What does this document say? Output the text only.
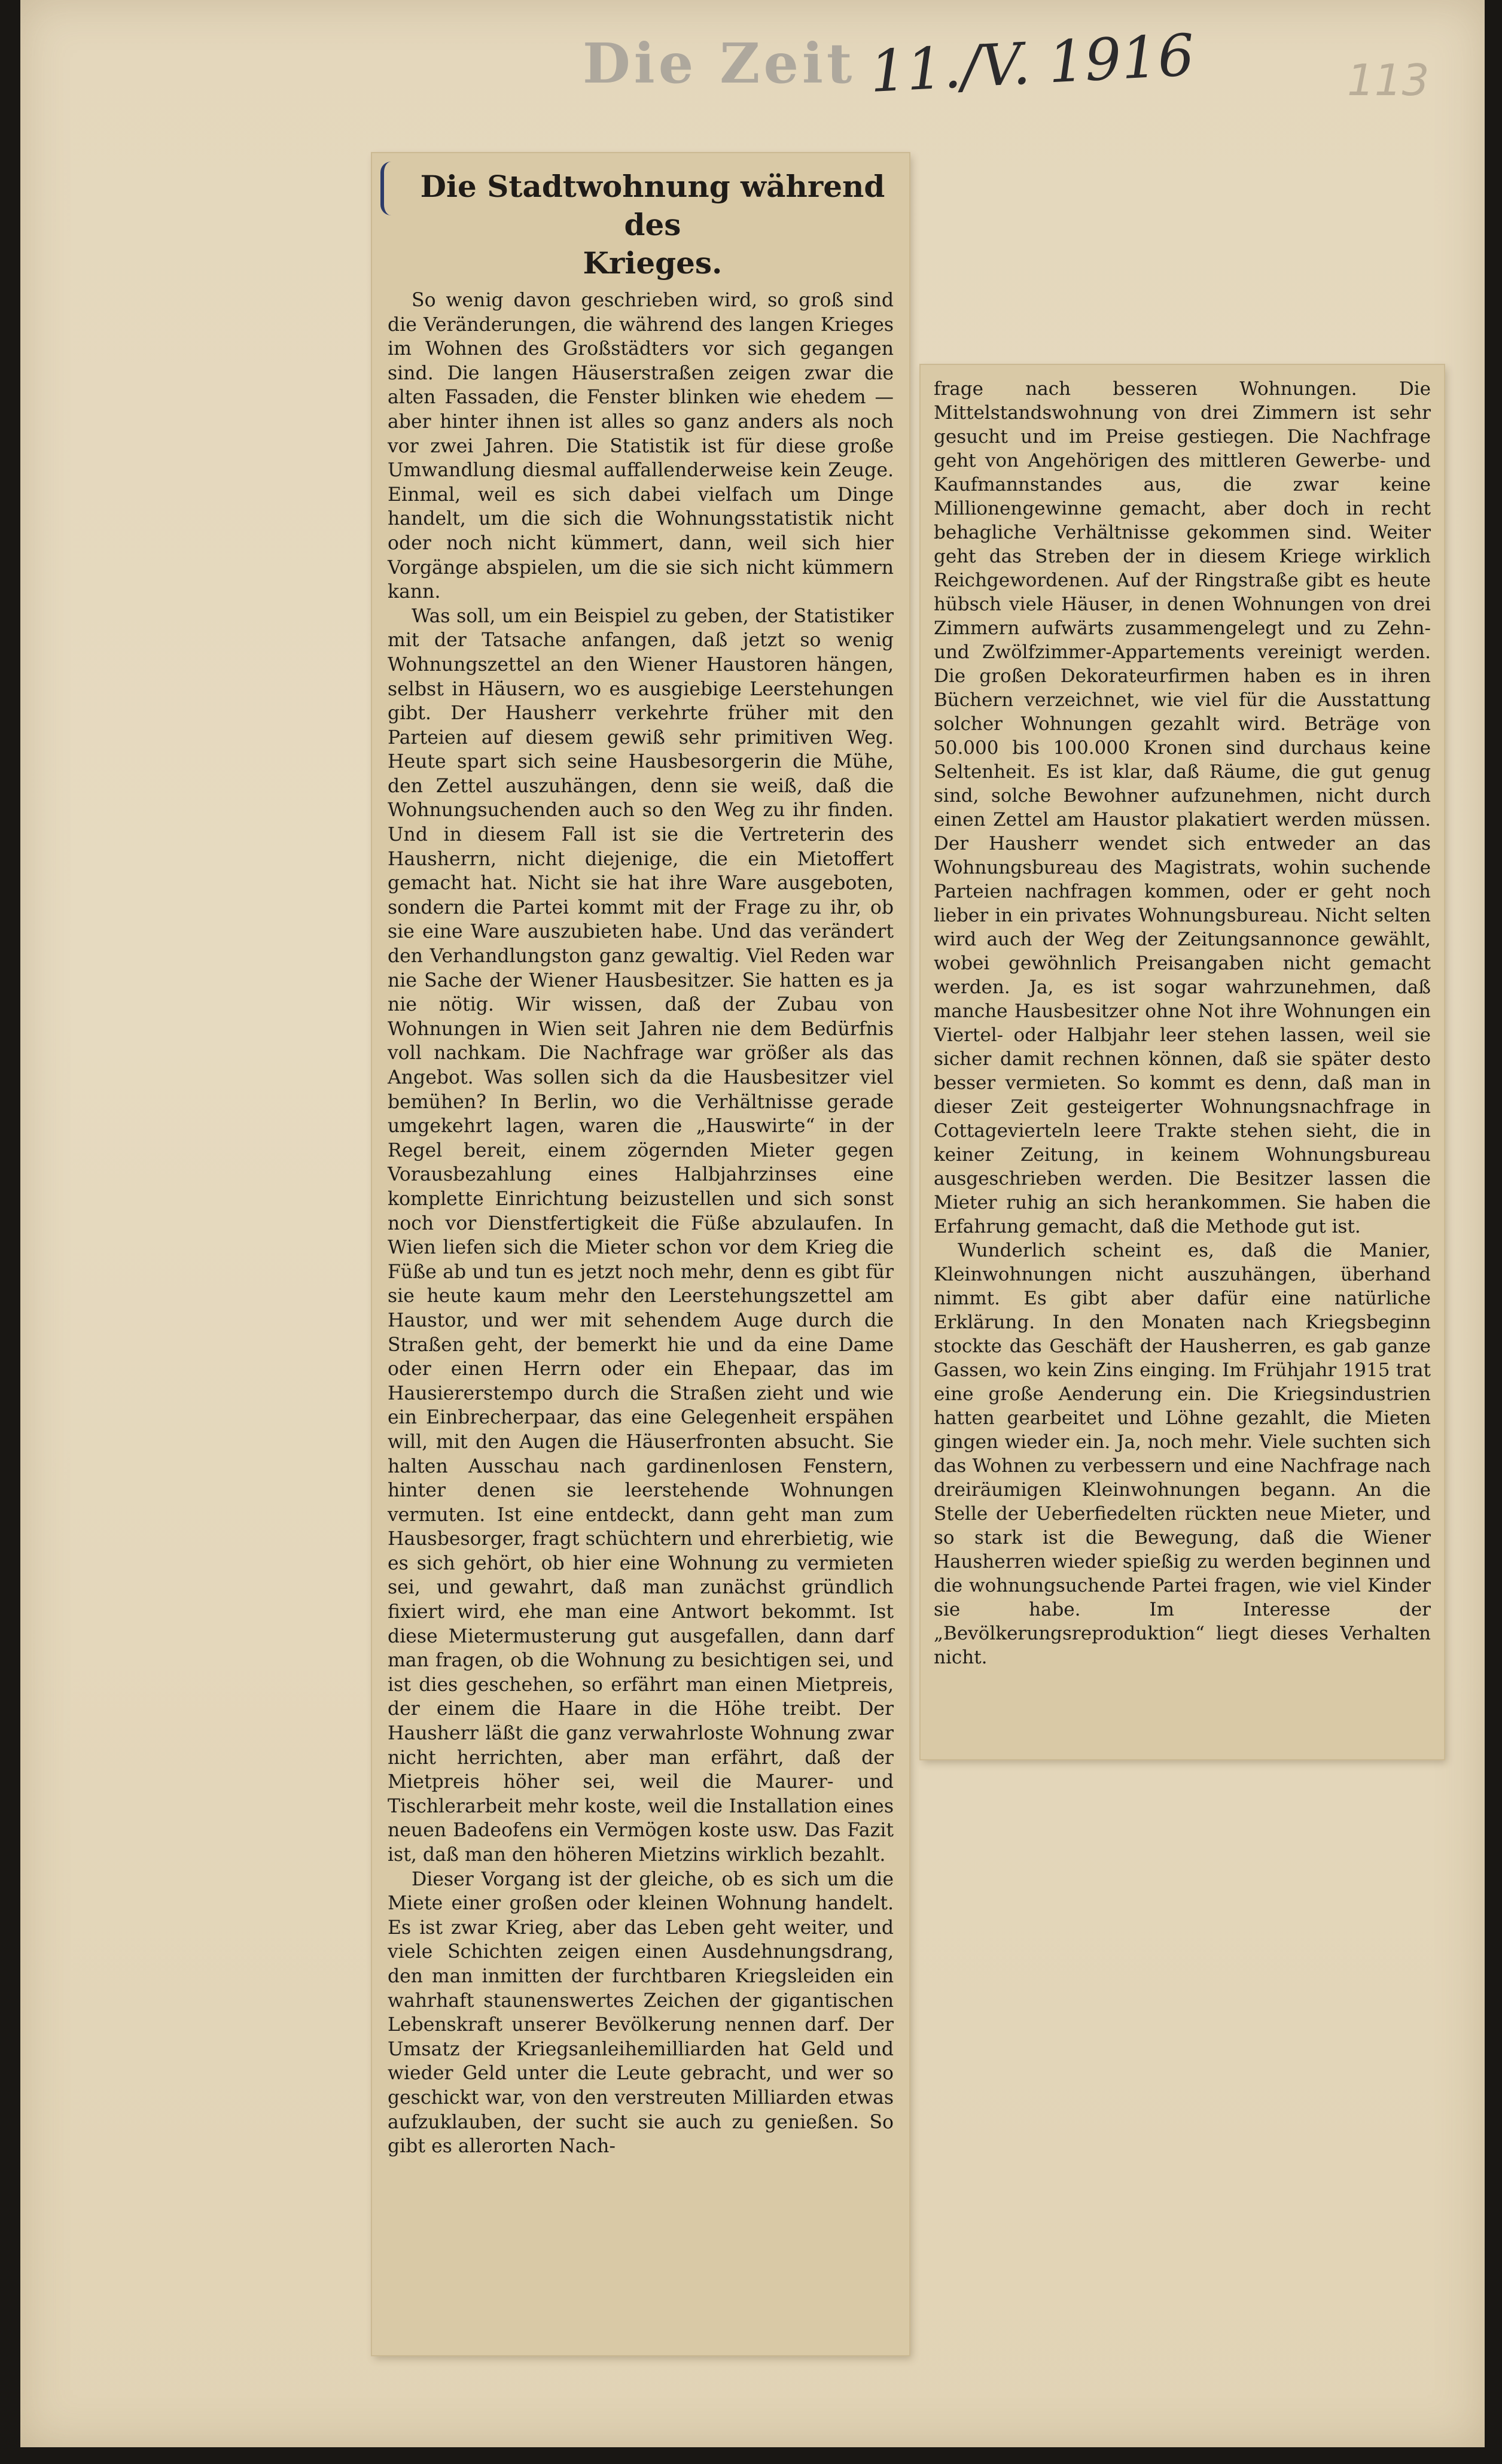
Die Zeit 11./V. 1916	113
Die Stadtwohnung während des
Krieges.

So wenig davon geschrieben wird, so groß sind die Veränderungen, die während des langen Krieges im Wohnen des Großstädters vor sich gegangen sind. Die langen Häuserstraßen zeigen zwar die alten Fassaden, die Fenster blinken wie ehedem — aber hinter ihnen ist alles so ganz anders als noch vor zwei Jahren. Die Statistik ist für diese große Umwandlung diesmal auffallenderweise kein Zeuge. Einmal, weil es sich dabei vielfach um Dinge handelt, um die sich die Wohnungsstatistik nicht oder noch nicht kümmert, dann, weil sich hier Vorgänge abspielen, um die sie sich nicht kümmern kann.

Was soll, um ein Beispiel zu geben, der Statistiker mit der Tatsache anfangen, daß jetzt so wenig Wohnungszettel an den Wiener Haustoren hängen, selbst in Häusern, wo es ausgiebige Leerstehungen gibt. Der Hausherr verkehrte früher mit den Parteien auf diesem gewiß sehr primitiven Weg. Heute spart sich seine Hausbesorgerin die Mühe, den Zettel auszuhängen, denn sie weiß, daß die Wohnungsuchenden auch so den Weg zu ihr finden. Und in diesem Fall ist sie die Vertreterin des Hausherrn, nicht diejenige, die ein Mietoffert gemacht hat. Nicht sie hat ihre Ware ausgeboten, sondern die Partei kommt mit der Frage zu ihr, ob sie eine Ware auszubieten habe. Und das verändert den Verhandlungston ganz gewaltig. Viel Reden war nie Sache der Wiener Hausbesitzer. Sie hatten es ja nie nötig. Wir wissen, daß der Zubau von Wohnungen in Wien seit Jahren nie dem Bedürfnis voll nachkam. Die Nachfrage war größer als das Angebot. Was sollen sich da die Hausbesitzer viel bemühen? In Berlin, wo die Verhältnisse gerade umgekehrt lagen, waren die „Hauswirte“ in der Regel bereit, einem zögernden Mieter gegen Vorausbezahlung eines Halbjahrzinses eine komplette Einrichtung beizustellen und sich sonst noch vor Dienstfertigkeit die Füße abzulaufen. In Wien liefen sich die Mieter schon vor dem Krieg die Füße ab und tun es jetzt noch mehr, denn es gibt für sie heute kaum mehr den Leerstehungszettel am Haustor, und wer mit sehendem Auge durch die Straßen geht, der bemerkt hie und da eine Dame oder einen Herrn oder ein Ehepaar, das im Hausiererstempo durch die Straßen zieht und wie ein Einbrecherpaar, das eine Gelegenheit erspähen will, mit den Augen die Häuserfronten absucht. Sie halten Ausschau nach gardinenlosen Fenstern, hinter denen sie leerstehende Wohnungen vermuten. Ist eine entdeckt, dann geht man zum Hausbesorger, fragt schüchtern und ehrerbietig, wie es sich gehört, ob hier eine Wohnung zu vermieten sei, und gewahrt, daß man zunächst gründlich fixiert wird, ehe man eine Antwort bekommt. Ist diese Mietermusterung gut ausgefallen, dann darf man fragen, ob die Wohnung zu besichtigen sei, und ist dies geschehen, so erfährt man einen Mietpreis, der einem die Haare in die Höhe treibt. Der Hausherr läßt die ganz verwahrloste Wohnung zwar nicht herrichten, aber man erfährt, daß der Mietpreis höher sei, weil die Maurer- und Tischlerarbeit mehr koste, weil die Installation eines neuen Badeofens ein Vermögen koste usw. Das Fazit ist, daß man den höheren Mietzins wirklich bezahlt.

Dieser Vorgang ist der gleiche, ob es sich um die Miete einer großen oder kleinen Wohnung handelt. Es ist zwar Krieg, aber das Leben geht weiter, und viele Schichten zeigen einen Ausdehnungsdrang, den man inmitten der furchtbaren Kriegsleiden ein wahrhaft staunenswertes Zeichen der gigantischen Lebenskraft unserer Bevölkerung nennen darf. Der Umsatz der Kriegsanleihemilliarden hat Geld und wieder Geld unter die Leute gebracht, und wer so geschickt war, von den verstreuten Milliarden etwas aufzuklauben, der sucht sie auch zu genießen. So gibt es allerorten Nach-

frage nach besseren Wohnungen. Die Mittelstandswohnung von drei Zimmern ist sehr gesucht und im Preise gestiegen. Die Nachfrage geht von Angehörigen des mittleren Gewerbe- und Kaufmannstandes aus, die zwar keine Millionengewinne gemacht, aber doch in recht behagliche Verhältnisse gekommen sind. Weiter geht das Streben der in diesem Kriege wirklich Reichgewordenen. Auf der Ringstraße gibt es heute hübsch viele Häuser, in denen Wohnungen von drei Zimmern aufwärts zusammengelegt und zu Zehn- und Zwölfzimmer-Appartements vereinigt werden. Die großen Dekorateurfirmen haben es in ihren Büchern verzeichnet, wie viel für die Ausstattung solcher Wohnungen gezahlt wird. Beträge von 50.000 bis 100.000 Kronen sind durchaus keine Seltenheit. Es ist klar, daß Räume, die gut genug sind, solche Bewohner aufzunehmen, nicht durch einen Zettel am Haustor plakatiert werden müssen. Der Hausherr wendet sich entweder an das Wohnungsbureau des Magistrats, wohin suchende Parteien nachfragen kommen, oder er geht noch lieber in ein privates Wohnungsbureau. Nicht selten wird auch der Weg der Zeitungsannonce gewählt, wobei gewöhnlich Preisangaben nicht gemacht werden. Ja, es ist sogar wahrzunehmen, daß manche Hausbesitzer ohne Not ihre Wohnungen ein Viertel- oder Halbjahr leer stehen lassen, weil sie sicher damit rechnen können, daß sie später desto besser vermieten. So kommt es denn, daß man in dieser Zeit gesteigerter Wohnungsnachfrage in Cottagevierteln leere Trakte stehen sieht, die in keiner Zeitung, in keinem Wohnungsbureau ausgeschrieben werden. Die Besitzer lassen die Mieter ruhig an sich herankommen. Sie haben die Erfahrung gemacht, daß die Methode gut ist.

Wunderlich scheint es, daß die Manier, Kleinwohnungen nicht auszuhängen, überhand nimmt. Es gibt aber dafür eine natürliche Erklärung. In den Monaten nach Kriegsbeginn stockte das Geschäft der Hausherren, es gab ganze Gassen, wo kein Zins einging. Im Frühjahr 1915 trat eine große Aenderung ein. Die Kriegsindustrien hatten gearbeitet und Löhne gezahlt, die Mieten gingen wieder ein. Ja, noch mehr. Viele suchten sich das Wohnen zu verbessern und eine Nachfrage nach dreiräumigen Kleinwohnungen begann. An die Stelle der Ueberfiedelten rückten neue Mieter, und so stark ist die Bewegung, daß die Wiener Hausherren wieder spießig zu werden beginnen und die wohnungsuchende Partei fragen, wie viel Kinder sie habe. Im Interesse der „Bevölkerungsreproduktion“ liegt dieses Verhalten nicht.
